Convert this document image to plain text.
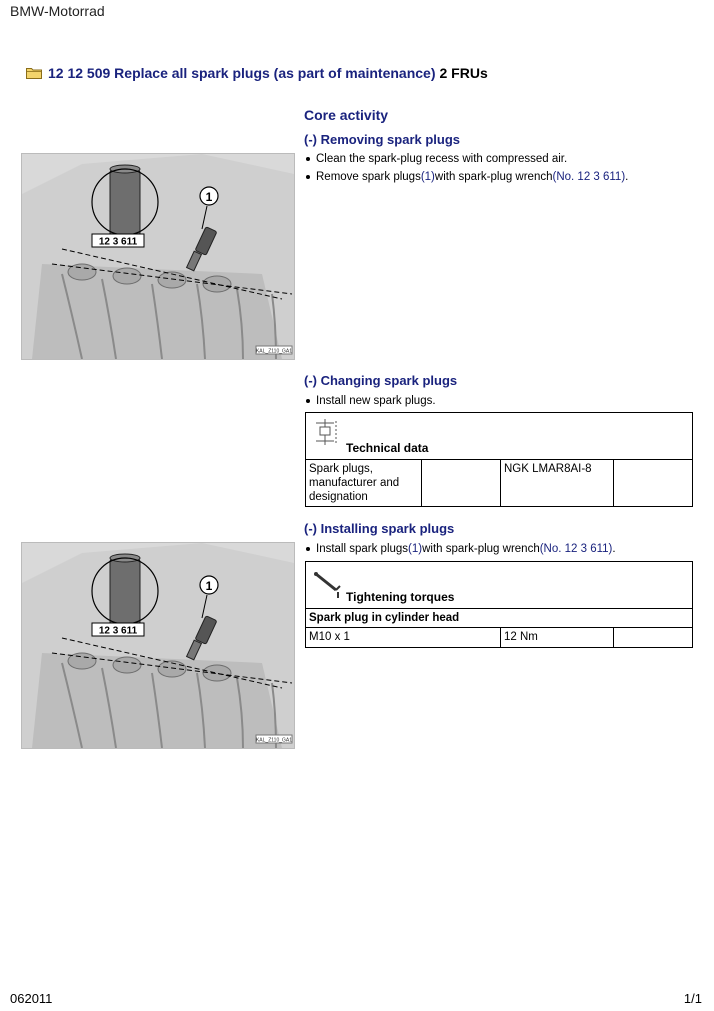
BMW-Motorrad
12 12 509 Replace all spark plugs (as part of maintenance) 2 FRUs
Core activity
(-) Removing spark plugs
Clean the spark-plug recess with compressed air.
Remove spark plugs (1) with spark-plug wrench (No. 12 3 611) .
12 3 611
1
KAL_Z110_GA1
(-) Changing spark plugs
Install new spark plugs.
Technical data
Spark plugs, manufacturer and designation
NGK LMAR8AI-8
(-) Installing spark plugs
Install spark plugs (1) with spark-plug wrench (No. 12 3 611) .
Tightening torques
Spark plug in cylinder head
M10 x 1	12 Nm
12 3 611
1
KAL_Z110_GA1
062011	1/1
